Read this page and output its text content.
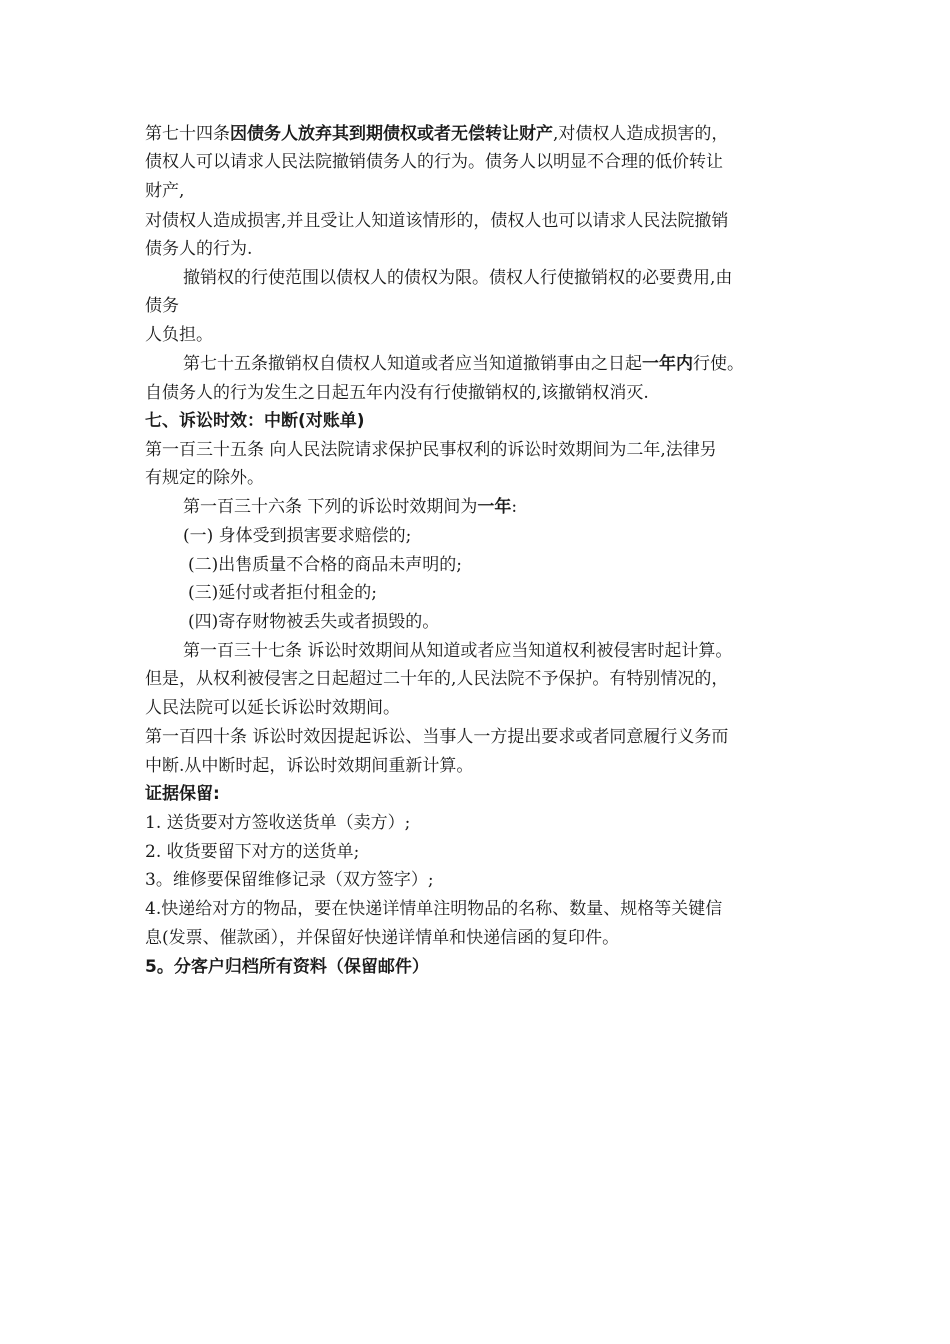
第七十四条因债务人放弃其到期债权或者无偿转让财产,对债权人造成损害的，
债权人可以请求人民法院撤销债务人的行为。债务人以明显不合理的低价转让
财产,
对债权人造成损害,并且受让人知道该情形的，债权人也可以请求人民法院撤销
债务人的行为.
撤销权的行使范围以债权人的债权为限。债权人行使撤销权的必要费用,由
债务
人负担。
第七十五条撤销权自债权人知道或者应当知道撤销事由之日起一年内行使。
自债务人的行为发生之日起五年内没有行使撤销权的,该撤销权消灭.
七、诉讼时效：中断(对账单)
第一百三十五条 向人民法院请求保护民事权利的诉讼时效期间为二年,法律另
有规定的除外。
第一百三十六条 下列的诉讼时效期间为一年:
(一) 身体受到损害要求赔偿的;
(二)出售质量不合格的商品未声明的;
(三)延付或者拒付租金的;
(四)寄存财物被丢失或者损毁的。
第一百三十七条 诉讼时效期间从知道或者应当知道权利被侵害时起计算。
但是，从权利被侵害之日起超过二十年的,人民法院不予保护。有特别情况的，
人民法院可以延长诉讼时效期间。
第一百四十条 诉讼时效因提起诉讼、当事人一方提出要求或者同意履行义务而
中断.从中断时起，诉讼时效期间重新计算。
证据保留:
1. 送货要对方签收送货单（卖方）;
2. 收货要留下对方的送货单;
3。维修要保留维修记录（双方签字）;
4.快递给对方的物品，要在快递详情单注明物品的名称、数量、规格等关键信
息(发票、催款函），并保留好快递详情单和快递信函的复印件。
5。分客户归档所有资料（保留邮件）
